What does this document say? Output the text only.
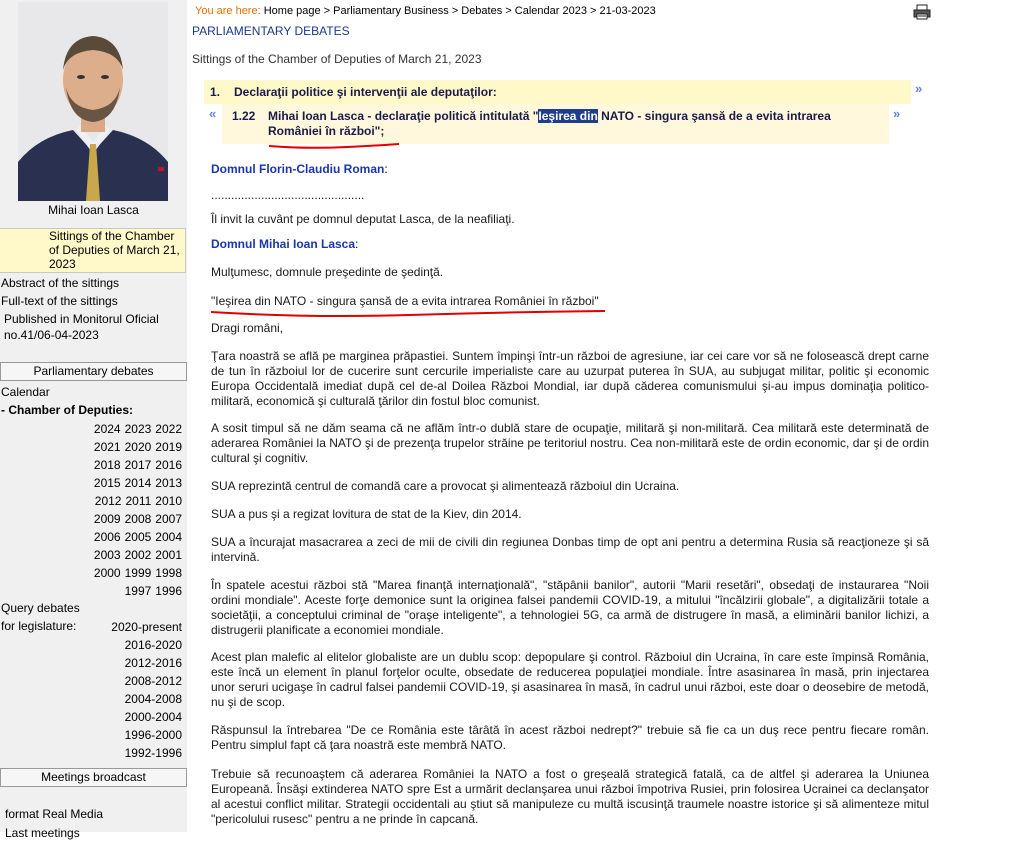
Mihai Ioan Lasca
Sittings of the Chamber of Deputies of March 21, 2023
Abstract of the sittings
Full-text of the sittings
Published in Monitorul Oficial
no.41/06-04-2023
Parliamentary debates
Calendar
- Chamber of Deputies:
2024 2023 2022
2021 2020 2019
2018 2017 2016
2015 2014 2013
2012 2011 2010
2009 2008 2007
2006 2005 2004
2003 2002 2001
2000 1999 1998
1997 1996
Query debates
for legislature:	2020-present
2016-2020
2012-2016
2008-2012
2004-2008
2000-2004
1996-2000
1992-1996
Meetings broadcast
format Real Media
Last meetings
You are here: Home page > Parliamentary Business > Debates > Calendar 2023 > 21-03-2023
PARLIAMENTARY DEBATES
Sittings of the Chamber of Deputies of March 21, 2023
1. Declaraţii politice şi intervenţii ale deputaţilor:	»
« 1.22 Mihai Ioan Lasca - declaraţie politică intitulată "Ieşirea din NATO - singura şansă de a evita intrarea României în război";
»
Domnul Florin-Claudiu Roman:
..............................................
Îl invit la cuvânt pe domnul deputat Lasca, de la neafiliaţi.
Domnul Mihai Ioan Lasca:
Mulţumesc, domnule preşedinte de şedinţă.
"Ieşirea din NATO - singura şansă de a evita intrarea României în război"
Dragi români,
Ţara noastră se află pe marginea prăpastiei. Suntem împinşi într-un război de agresiune, iar cei care vor să ne folosească drept carne de tun în războiul lor de cucerire sunt cercurile imperialiste care au uzurpat puterea în SUA, au subjugat militar, politic şi economic Europa Occidentală imediat după cel de-al Doilea Război Mondial, iar după căderea comunismului şi-au impus dominaţia politico-militară, economică şi culturală ţărilor din fostul bloc comunist.
A sosit timpul să ne dăm seama că ne aflăm într-o dublă stare de ocupaţie, militară şi non-militară. Cea militară este determinată de aderarea României la NATO şi de prezenţa trupelor străine pe teritoriul nostru. Cea non-militară este de ordin economic, dar şi de ordin cultural şi cognitiv.
SUA reprezintă centrul de comandă care a provocat şi alimentează războiul din Ucraina.
SUA a pus şi a regizat lovitura de stat de la Kiev, din 2014.
SUA a încurajat masacrarea a zeci de mii de civili din regiunea Donbas timp de opt ani pentru a determina Rusia să reacţioneze şi să intervină.
În spatele acestui război stă "Marea finanţă internaţională", "stăpânii banilor", autorii "Marii resetări", obsedaţi de instaurarea "Noii ordini mondiale". Aceste forţe demonice sunt la originea falsei pandemii COVID-19, a mitului "încălzirii globale", a digitalizării totale a societăţii, a conceptului criminal de "oraşe inteligente", a tehnologiei 5G, ca armă de distrugere în masă, a eliminării banilor lichizi, a distrugerii planificate a economiei mondiale.
Acest plan malefic al elitelor globaliste are un dublu scop: depopulare şi control. Războiul din Ucraina, în care este împinsă România, este încă un element în planul forţelor oculte, obsedate de reducerea populaţiei mondiale. Între asasinarea în masă, prin injectarea unor seruri ucigaşe în cadrul falsei pandemii COVID-19, şi asasinarea în masă, în cadrul unui război, este doar o deosebire de metodă, nu şi de scop.
Răspunsul la întrebarea "De ce România este târâtă în acest război nedrept?" trebuie să fie ca un duş rece pentru fiecare român. Pentru simplul fapt că ţara noastră este membră NATO.
Trebuie să recunoaştem că aderarea României la NATO a fost o greşeală strategică fatală, ca de altfel şi aderarea la Uniunea Europeană. Însăşi extinderea NATO spre Est a urmărit declanşarea unui război împotriva Rusiei, prin folosirea Ucrainei ca declanşator al acestui conflict militar. Strategii occidentali au ştiut să manipuleze cu multă iscusinţă traumele noastre istorice şi să alimenteze mitul "pericolului rusesc" pentru a ne prinde în capcană.
